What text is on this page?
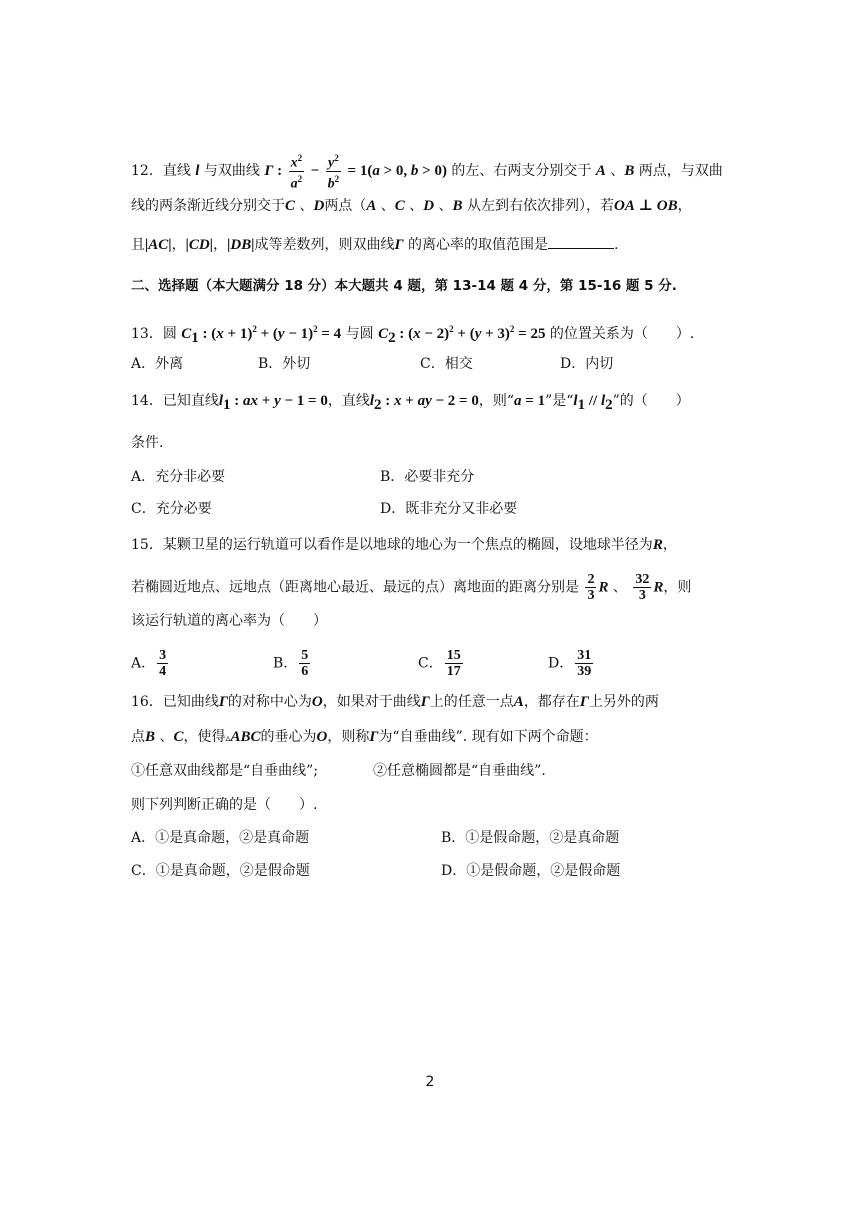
12．直线 l 与双曲线 Γ : $\frac{x^2}{a^2} - \frac{y^2}{b^2} = 1(a > 0$, b > 0) 的左、右两支分别交于 A 、B 两点，与双曲
线的两条渐近线分别交于C 、D两点（A 、C 、D 、B 从左到右依次排列），若OA ⊥ OB，
且|AC|，|CD|，|DB|成等差数列，则双曲线Γ 的离心率的取值范围是	.
二、选择题（本大题满分 18 分）本大题共 4 题，第 13-14 题 4 分，第 15-16 题 5 分.
13．圆 $C_1$ : $(x + 1)^2 + (y - 1)^2 = 4$ 与圆 $C_2$ : $(x - 2)^2 + (y + 3)^2 = 25$ 的位置关系为（　　）.
A．外离	B．外切	C．相交	D．内切
14．已知直线$l_1$ : ax + y − 1 = 0，直线$l_2$ : x + ay − 2 = 0，则“a = 1”是“$l_1 // l_2$”的（　　）
条件.
A．充分非必要	B．必要非充分
C．充分必要	D．既非充分又非必要
15．某颗卫星的运行轨道可以看作是以地球的地心为一个焦点的椭圆，设地球半径为R，
若椭圆近地点、远地点（距离地心最近、最远的点）离地面的距离分别是 $\frac{2}{3}$ R 、 $\frac{32}{3}$ R，则
该运行轨道的离心率为（　　）
A． $\frac{3}{4}$	B． $\frac{5}{6}$	C． $\frac{15}{17}$	D． $\frac{31}{39}$
16．已知曲线Γ的对称中心为O，如果对于曲线Γ上的任意一点A，都存在Γ上另外的两
点B 、C，使得▵ABC的垂心为O，则称Γ为“自垂曲线”. 现有如下两个命题：
①任意双曲线都是“自垂曲线”;	②任意椭圆都是“自垂曲线”.
则下列判断正确的是（　　）.
A．①是真命题，②是真命题	B．①是假命题，②是真命题
C．①是真命题，②是假命题	D．①是假命题，②是假命题
2
